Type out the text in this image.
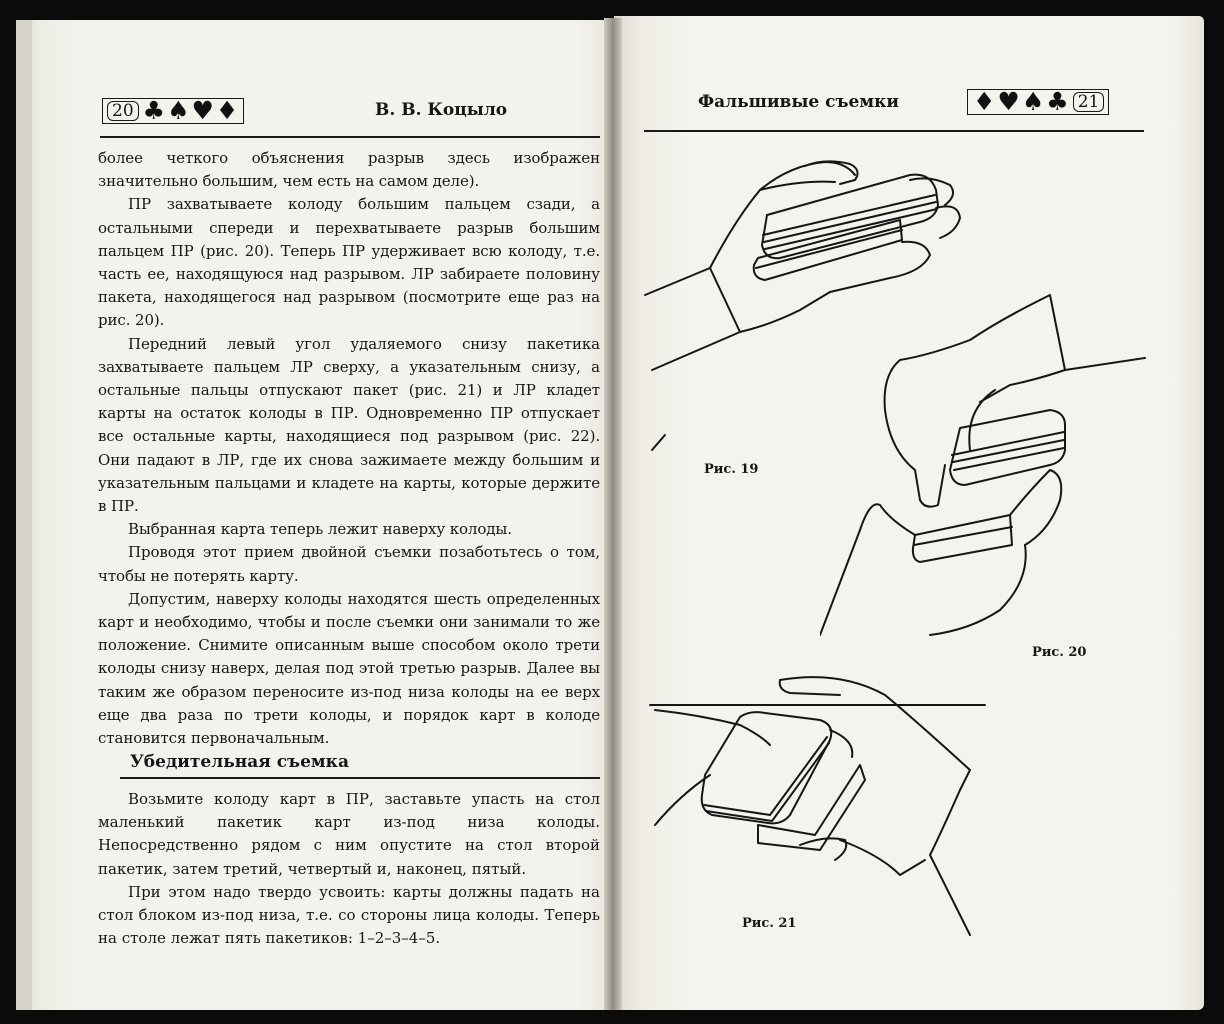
20 ♣ ♠ ♥ ♦	В. В. Коцыло

более четкого объяснения разрыв здесь изображен значительно большим, чем есть на самом деле).

ПР захватываете колоду большим пальцем сзади, а остальными спереди и перехватываете разрыв большим пальцем ПР (рис. 20). Теперь ПР удерживает всю колоду, т.е. часть ее, находящуюся над разрывом. ЛР забираете половину пакета, находящегося над разрывом (посмотрите еще раз на рис. 20).

Передний левый угол удаляемого снизу пакетика захватываете пальцем ЛР сверху, а указательным снизу, а остальные пальцы отпускают пакет (рис. 21) и ЛР кладет карты на остаток колоды в ПР. Одновременно ПР отпускает все остальные карты, находящиеся под разрывом (рис. 22). Они падают в ЛР, где их снова зажимаете между большим и указательным пальцами и кладете на карты, которые держите в ПР.

Выбранная карта теперь лежит наверху колоды.

Проводя этот прием двойной съемки позаботьтесь о том, чтобы не потерять карту.

Допустим, наверху колоды находятся шесть определенных карт и необходимо, чтобы и после съемки они занимали то же положение. Снимите описанным выше способом около трети колоды снизу наверх, делая под этой третью разрыв. Далее вы таким же образом переносите из-под низа колоды на ее верх еще два раза по трети колоды, и порядок карт в колоде становится первоначальным.

Убедительная съемка

Возьмите колоду карт в ПР, заставьте упасть на стол маленький пакетик карт из-под низа колоды. Непосредственно рядом с ним опустите на стол второй пакетик, затем третий, четвертый и, наконец, пятый.

При этом надо твердо усвоить: карты должны падать на стол блоком из-под низа, т.е. со стороны лица колоды. Теперь на столе лежат пять пакетиков: 1–2–3–4–5.

Фальшивые съемки	♦ ♥ ♠ ♣ 21
Рис. 19
Рис. 20
Рис. 21
